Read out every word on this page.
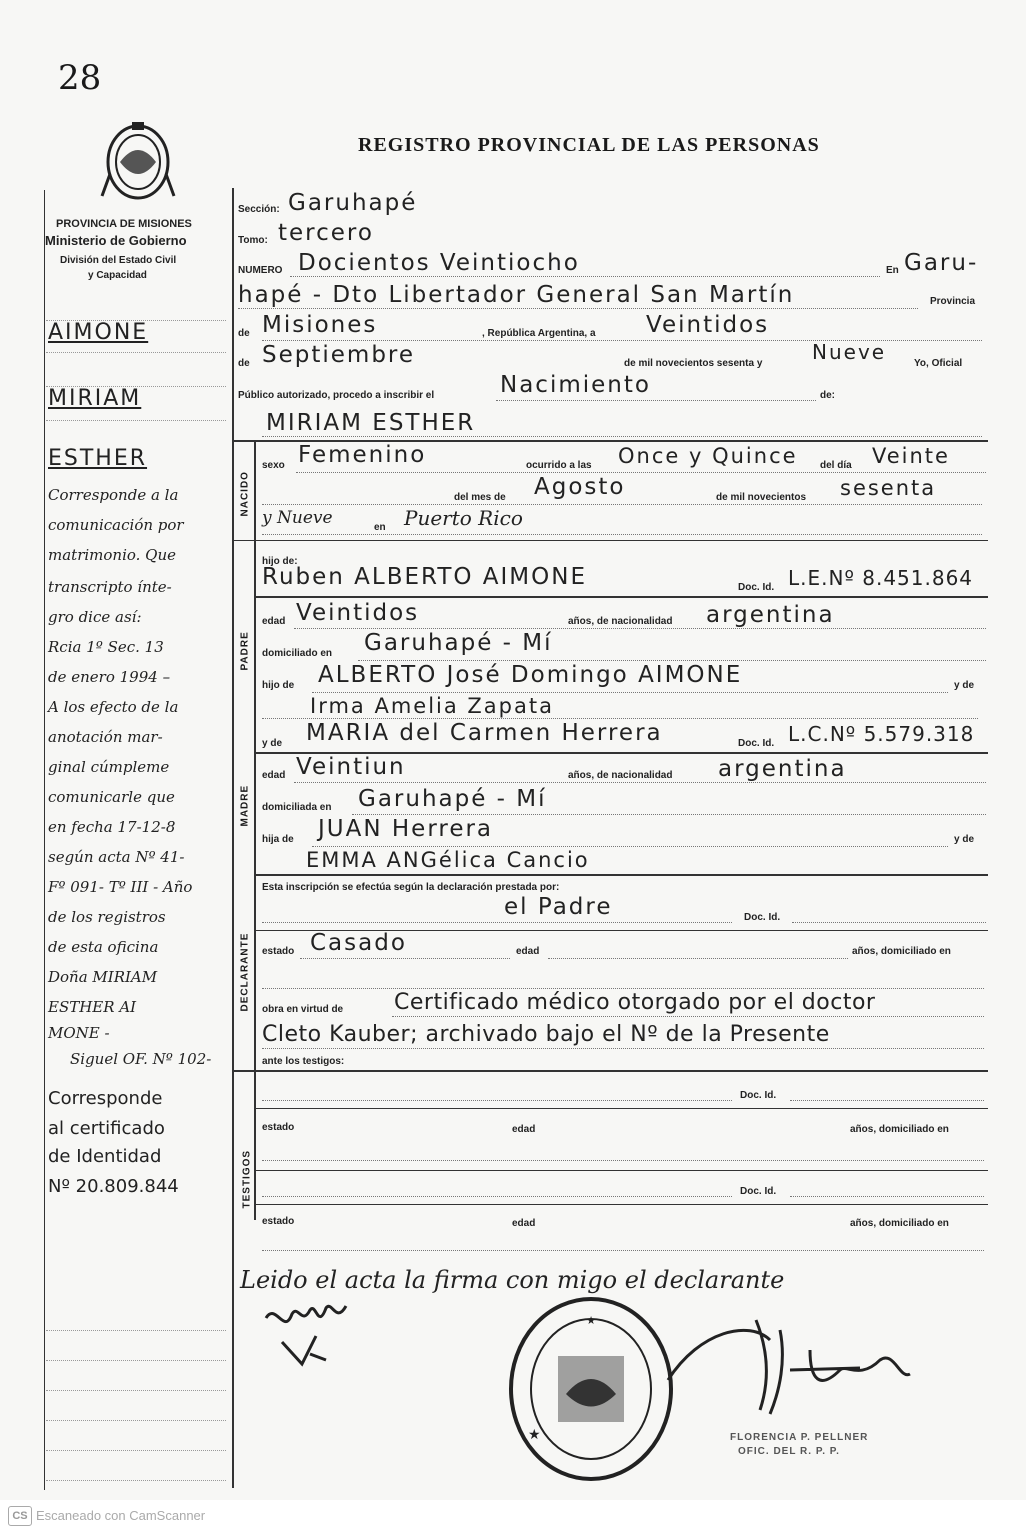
28
REGISTRO PROVINCIAL DE LAS PERSONAS
PROVINCIA DE MISIONES
Ministerio de Gobierno
División del Estado Civil
y Capacidad
AIMONE
MIRIAM
ESTHER
Corresponde a la
comunicación por
matrimonio. Que
transcripto ínte-
gro dice así:
Rcia 1º Sec. 13
de enero 1994 –
A los efecto de la
anotación mar-
ginal cúmpleme
comunicarle que
en fecha 17-12-8
según acta Nº 41-
Fº 091- Tº III - Año
de los registros
de esta oficina
Doña MIRIAM
ESTHER AI
MONE -
Siguel OF. Nº 102-
Corresponde
al certificado
de Identidad
Nº 20.809.844
Sección: Garuhapé
Tomo: tercero
NUMERO Docientos Veintiocho	En Garu-
hapé - Dto Libertador General San Martín	Provincia
de Misiones	, República Argentina, a Veintidos
de Septiembre	de mil novecientos sesenta y Nueve	Yo, Oficial
Público autorizado, procedo a inscribir el	Nacimiento	de:
MIRIAM ESTHER
NACIDO
sexo Femenino	ocurrido a las Once y Quince del día Veinte
del mes de Agosto	de mil novecientos sesenta
y Nueve	en Puerto Rico
hijo de:
Ruben ALBERTO AIMONE	Doc. Id. L.E.Nº 8.451.864
PADRE
edad Veintidos	años, de nacionalidad argentina
domiciliado en Garuhapé - Mí
hijo de ALBERTO José Domingo AIMONE	y de
Irma Amelia Zapata
y de MARIA del Carmen Herrera	Doc. Id. L.C.Nº 5.579.318
MADRE
edad Veintiun	años, de nacionalidad argentina
domiciliada en Garuhapé - Mí
hija de JUAN Herrera	y de
EMMA ANGélica Cancio
Esta inscripción se efectúa según la declaración prestada por:
el Padre	Doc. Id.
DECLARANTE estado Casado	edad	años, domiciliado en
obra en virtud de Certificado médico otorgado por el doctor
Cleto Kauber; archivado bajo el Nº de la Presente
ante los testigos:
TESTIGOS
Doc. Id.
estado	edad	años, domiciliado en
Doc. Id.
estado	edad	años, domiciliado en
Leido el acta la firma con migo el declarante
★
★	FLORENCIA P. PELLNER
OFIC. DEL R. P. P.
CS Escaneado con CamScanner
